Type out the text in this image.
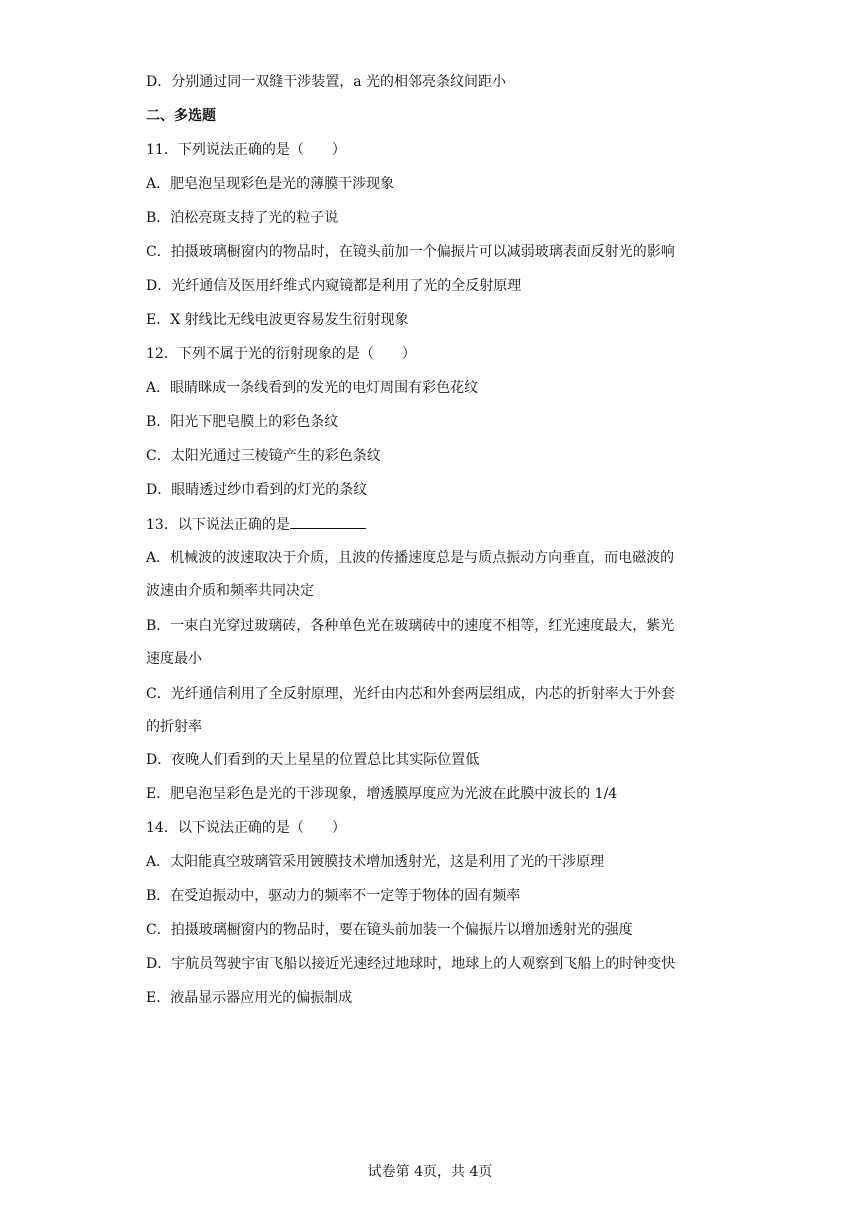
D．分别通过同一双缝干涉装置，a 光的相邻亮条纹间距小
二、多选题
11．下列说法正确的是（　　）
A．肥皂泡呈现彩色是光的薄膜干涉现象
B．泊松亮斑支持了光的粒子说
C．拍摄玻璃橱窗内的物品时，在镜头前加一个偏振片可以减弱玻璃表面反射光的影响
D．光纤通信及医用纤维式内窥镜都是利用了光的全反射原理
E．X 射线比无线电波更容易发生衍射现象
12．下列不属于光的衍射现象的是（　　）
A．眼睛眯成一条线看到的发光的电灯周围有彩色花纹
B．阳光下肥皂膜上的彩色条纹
C．太阳光通过三棱镜产生的彩色条纹
D．眼睛透过纱巾看到的灯光的条纹
13．以下说法正确的是
A．机械波的波速取决于介质，且波的传播速度总是与质点振动方向垂直，而电磁波的
波速由介质和频率共同决定
B．一束白光穿过玻璃砖，各种单色光在玻璃砖中的速度不相等，红光速度最大，紫光
速度最小
C．光纤通信利用了全反射原理，光纤由内芯和外套两层组成，内芯的折射率大于外套
的折射率
D．夜晚人们看到的天上星星的位置总比其实际位置低
E．肥皂泡呈彩色是光的干涉现象，增透膜厚度应为光波在此膜中波长的 1/4
14．以下说法正确的是（　　）
A．太阳能真空玻璃管采用镀膜技术增加透射光，这是利用了光的干涉原理
B．在受迫振动中，驱动力的频率不一定等于物体的固有频率
C．拍摄玻璃橱窗内的物品时，要在镜头前加装一个偏振片以增加透射光的强度
D．宇航员驾驶宇宙飞船以接近光速经过地球时，地球上的人观察到飞船上的时钟变快
E．液晶显示器应用光的偏振制成
试卷第 4页，共 4页
